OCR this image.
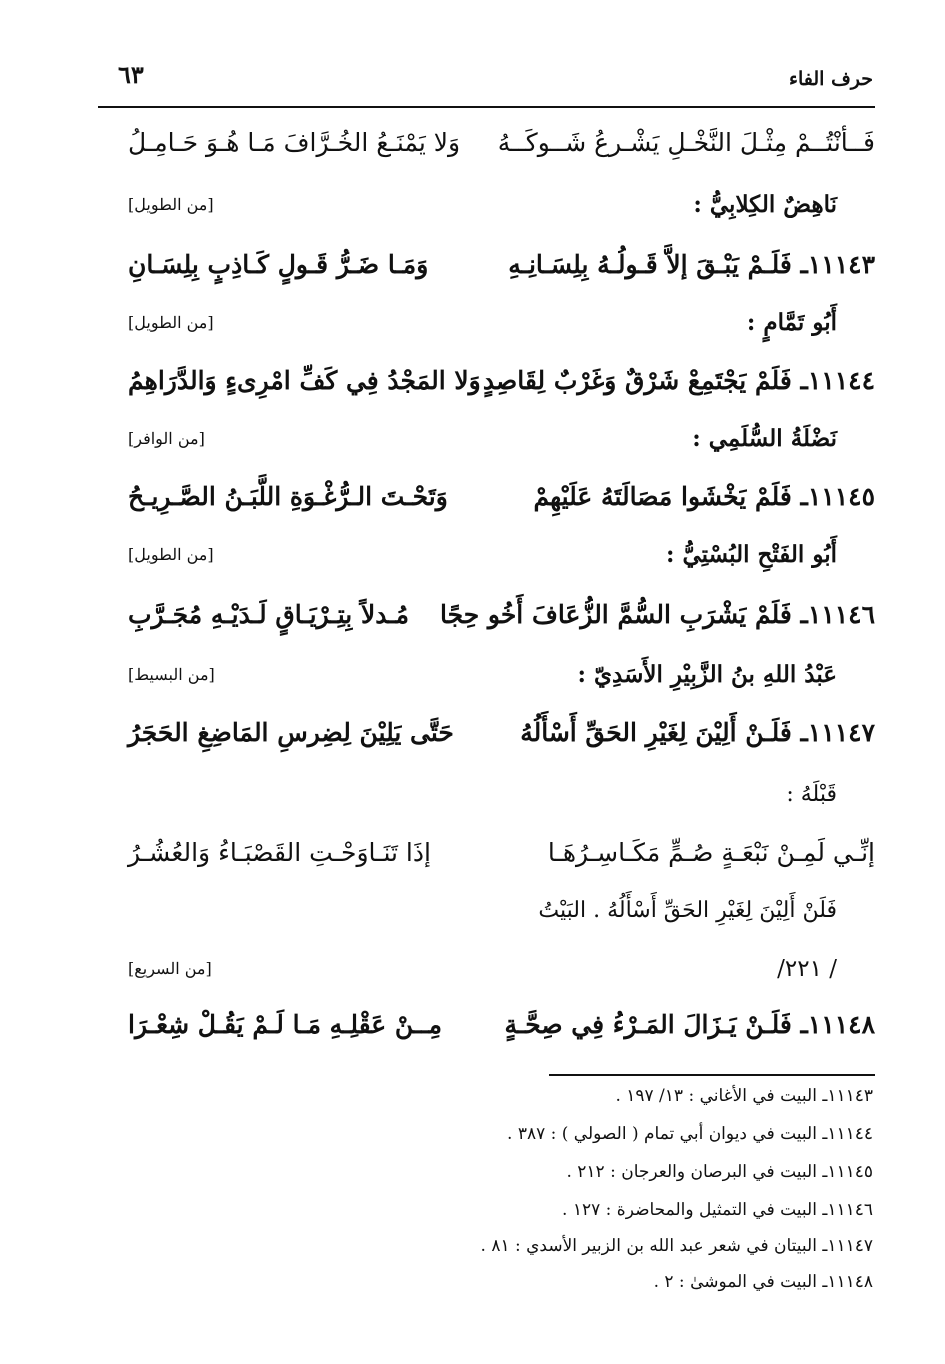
حرف الفاء
٦٣
فَــأنْتُــمْ مِثْـلَ النَّخْـلِ يَشْـرعُ شَــوكَــهُ
وَلا يَمْنَـعُ الخُـرَّافَ مَـا هُـوَ حَـامِـلُ
نَاهِضٌ الكِلابِيُّ :
[من الطويل]
١١١٤٣ـ فَلَـمْ يَبْـقَ إلاَّ قَـولُـهُ بِلِسَـانِـهِ
وَمَـا ضَـرُّ قَـولٍ كَـاذِبٍ بِلِسَـانِ
أَبُو تَمَّامٍ :
[من الطويل]
١١١٤٤ـ فَلَمْ يَجْتَمِعْ شَرْقٌ وَغَرْبٌ لِقَاصِدٍ
وَلا المَجْدُ فِي كَفِّ امْرِىءٍ وَالدَّرَاهِمُ
نَضْلَةُ السُّلَمِي :
[من الوافر]
١١١٤٥ـ فَلَمْ يَخْشَوا مَصَالَتَهُ عَلَيْهِمْ
وَتَحْـتَ الـرُّغْـوَةِ اللَّبَـنُ الصَّـرِيـحُ
أَبُو الفَتْحِ البُسْتِيُّ :
[من الطويل]
١١١٤٦ـ فَلَمْ يَشْرَبِ السُّمَّ الزُّعَافَ أَخُو حِجًا
مُـدلاً بِتِـرْيَـاقٍ لَـدَيْـهِ مُجَـرَّبِ
عَبْدُ اللهِ بنُ الزَّبِيْرِ الأَسَدِيّ :
[من البسيط]
١١١٤٧ـ فَلَـنْ أَلِيْنَ لِغَيْرِ الحَقِّ أَسْأَلُهُ
حَتَّى يَلِيْنَ لِضِرسِ المَاضِغِ الحَجَرُ
قَبْلَهُ :
إنِّـي لَمِـنْ نَبْعَـةٍ صُـمٍّ مَكَـاسِـرُهَـا
إذَا تَنَـاوَحْـتِ القَصْبَـاءُ وَالعُشُـرُ
فَلَنْ أَلِيْنَ لِغَيْرِ الحَقِّ أَسْأَلُهُ . البَيْتُ
/ ٢٢١/
[من السريع]
١١١٤٨ـ فَلَـنْ يَـزَالَ المَـرْءُ فِي صِحَّـةٍ
مِــنْ عَقْلِـهِ مَـا لَـمْ يَقُـلْ شِعْـرَا
١١١٤٣ـ البيت في الأغاني : ١٣/ ١٩٧ .
١١١٤٤ـ البيت في ديوان أبي تمام ( الصولي ) : ٣٨٧ .
١١١٤٥ـ البيت في البرصان والعرجان : ٢١٢ .
١١١٤٦ـ البيت في التمثيل والمحاضرة : ١٢٧ .
١١١٤٧ـ البيتان في شعر عبد الله بن الزبير الأسدي : ٨١ .
١١١٤٨ـ البيت في الموشىٰ : ٢ .
